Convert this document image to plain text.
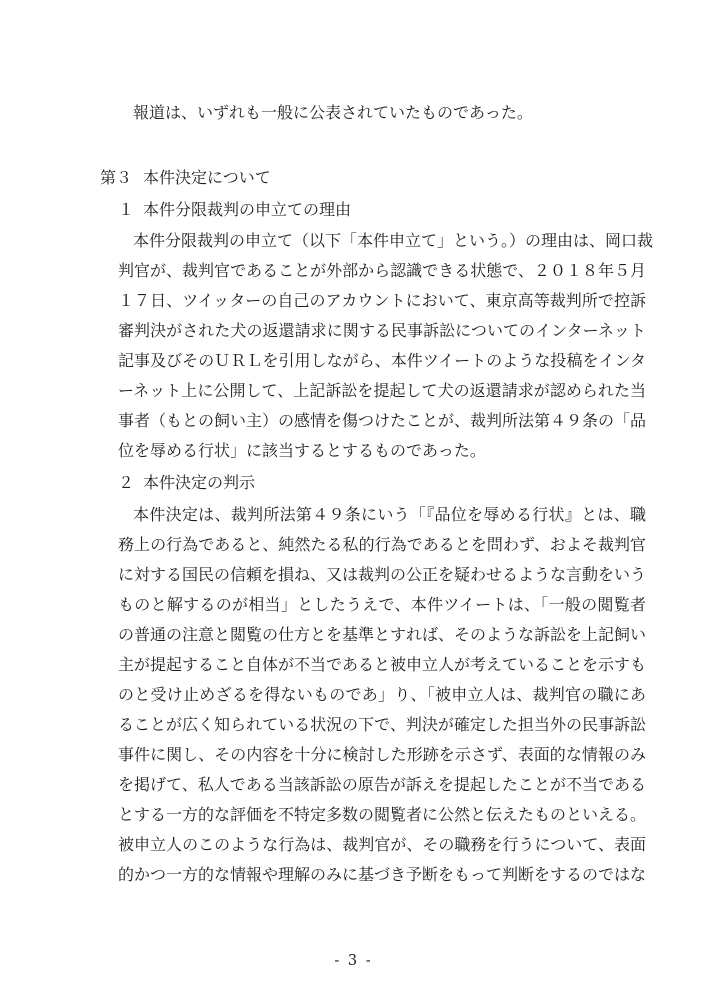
報道は、いずれも一般に公表されていたものであった。
第３ 本件決定について
１ 本件分限裁判の申立ての理由
本件分限裁判の申立て（以下「本件申立て」という。）の理由は、岡口裁
判官が、裁判官であることが外部から認識できる状態で、２０１８年５月
１７日、ツイッターの自己のアカウントにおいて、東京高等裁判所で控訴
審判決がされた犬の返還請求に関する民事訴訟についてのインターネット
記事及びそのＵＲＬを引用しながら、本件ツイートのような投稿をインタ
ーネット上に公開して、上記訴訟を提起して犬の返還請求が認められた当
事者（もとの飼い主）の感情を傷つけたことが、裁判所法第４９条の「品
位を辱める行状」に該当するとするものであった。
２ 本件決定の判示
本件決定は、裁判所法第４９条にいう「『品位を辱める行状』とは、職
務上の行為であると、純然たる私的行為であるとを問わず、およそ裁判官
に対する国民の信頼を損ね、又は裁判の公正を疑わせるような言動をいう
ものと解するのが相当」としたうえで、本件ツイートは、「一般の閲覧者
の普通の注意と閲覧の仕方とを基準とすれば、そのような訴訟を上記飼い
主が提起すること自体が不当であると被申立人が考えていることを示すも
のと受け止めざるを得ないものであ」り、「被申立人は、裁判官の職にあ
ることが広く知られている状況の下で、判決が確定した担当外の民事訴訟
事件に関し、その内容を十分に検討した形跡を示さず、表面的な情報のみ
を掲げて、私人である当該訴訟の原告が訴えを提起したことが不当である
とする一方的な評価を不特定多数の閲覧者に公然と伝えたものといえる。
被申立人のこのような行為は、裁判官が、その職務を行うについて、表面
的かつ一方的な情報や理解のみに基づき予断をもって判断をするのではな
- 3 -
